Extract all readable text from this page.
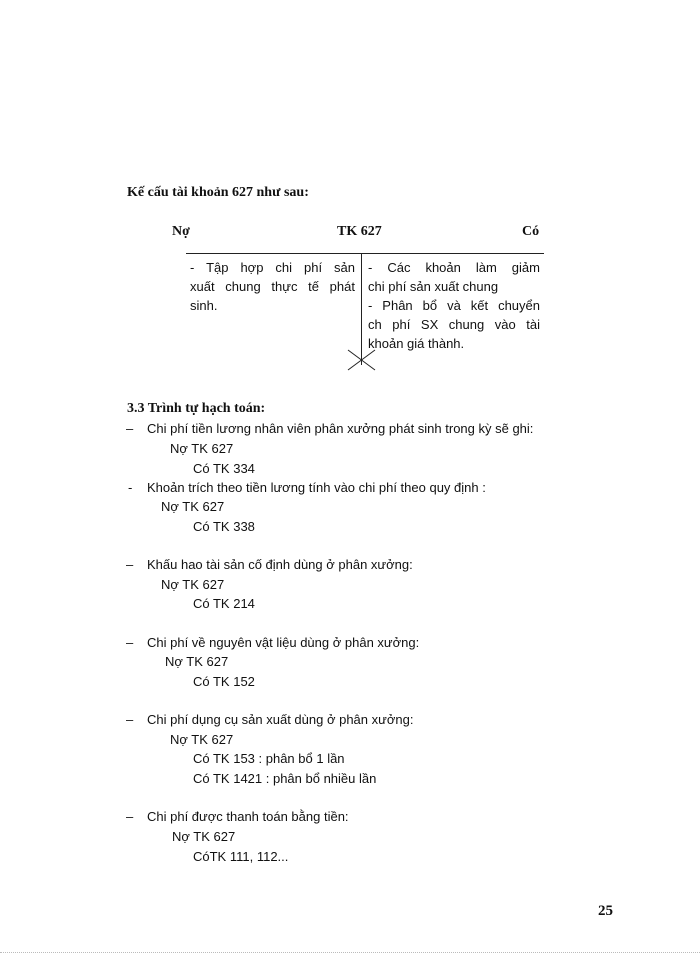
Kế cấu tài khoản 627 như sau:
Nợ	TK 627	Có
- Tập hợp chi phí sản
xuất chung thực tế phát
sinh.
- Các khoản làm giảm
chi phí sản xuất chung
- Phân bổ và kết chuyển
ch phí SX chung vào tài
khoản giá thành.
3.3 Trình tự hạch toán:
– Chi phí tiền lương nhân viên phân xưởng phát sinh trong kỳ sẽ ghi:
Nợ TK 627
Có TK 334
- Khoản trích theo tiền lương tính vào chi phí theo quy định :
Nợ TK 627
Có TK 338
– Khấu hao tài sản cố định dùng ở phân xưởng:
Nợ TK 627
Có TK 214
– Chi phí về nguyên vật liệu dùng ở phân xưởng:
Nợ TK 627
Có TK 152
– Chi phí dụng cụ sản xuất dùng ở phân xưởng:
Nợ TK 627
Có TK 153 : phân bổ 1 lần
Có TK 1421 : phân bổ nhiều lần
– Chi phí được thanh toán bằng tiền:
Nợ TK 627
CóTK 111, 112...
25
